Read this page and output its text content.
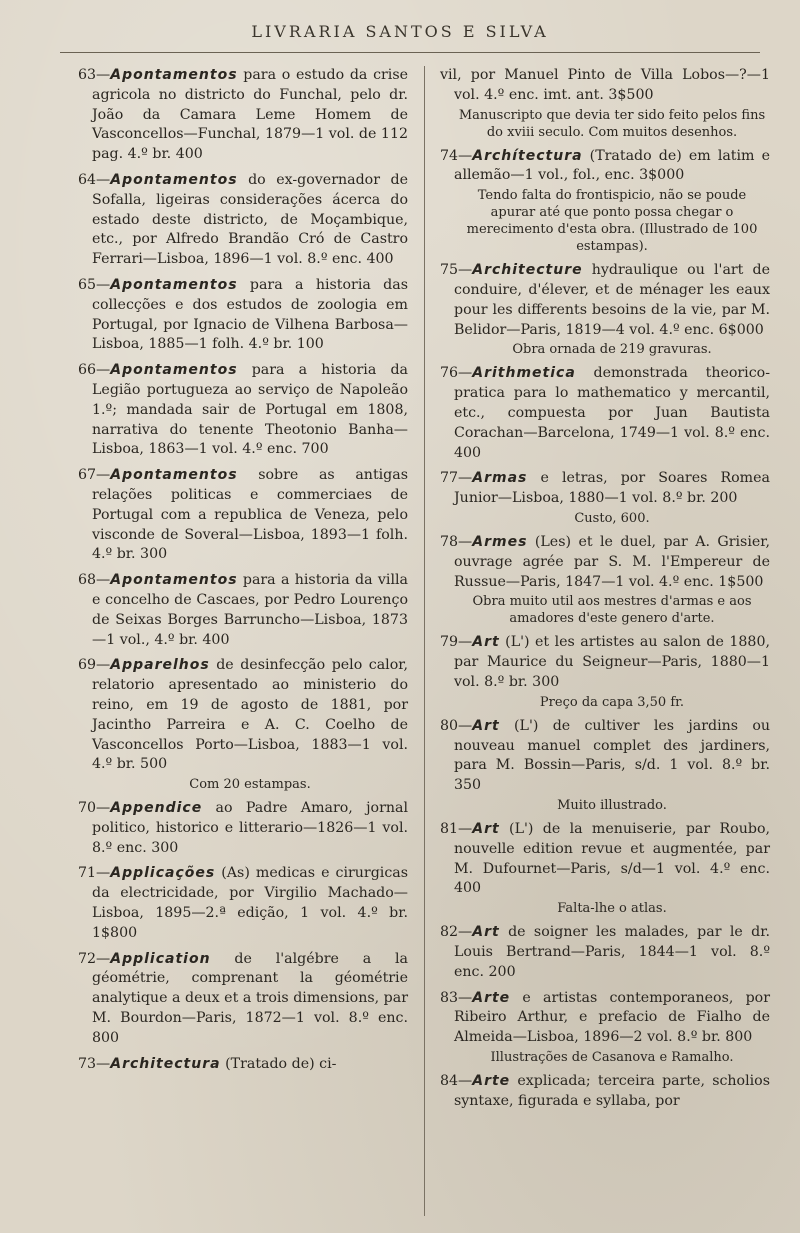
LIVRARIA SANTOS E SILVA

63—Apontamentos para o estudo da crise agricola no districto do Funchal, pelo dr. João da Camara Leme Homem de Vasconcellos—Funchal, 1879—1 vol. de 112 pag. 4.º br. 400

64—Apontamentos do ex-governador de Sofalla, ligeiras considerações ácerca do estado deste districto, de Moçambique, etc., por Alfredo Brandão Cró de Castro Ferrari—Lisboa, 1896—1 vol. 8.º enc. 400

65—Apontamentos para a historia das collecções e dos estudos de zoologia em Portugal, por Ignacio de Vilhena Barbosa—Lisboa, 1885—1 folh. 4.º br. 100

66—Apontamentos para a historia da Legião portugueza ao serviço de Napoleão 1.º; mandada sair de Portugal em 1808, narrativa do tenente Theotonio Banha—Lisboa, 1863—1 vol. 4.º enc. 700

67—Apontamentos sobre as antigas relações politicas e commerciaes de Portugal com a republica de Veneza, pelo visconde de Soveral—Lisboa, 1893—1 folh. 4.º br. 300

68—Apontamentos para a historia da villa e concelho de Cascaes, por Pedro Lourenço de Seixas Borges Barruncho—Lisboa, 1873—1 vol., 4.º br. 400

69—Apparelhos de desinfecção pelo calor, relatorio apresentado ao ministerio do reino, em 19 de agosto de 1881, por Jacintho Parreira e A. C. Coelho de Vasconcellos Porto—Lisboa, 1883—1 vol. 4.º br. 500
Com 20 estampas.

70—Appendice ao Padre Amaro, jornal politico, historico e litterario—1826—1 vol. 8.º enc. 300

71—Applicações (As) medicas e cirurgicas da electricidade, por Virgilio Machado—Lisboa, 1895—2.ª edição, 1 vol. 4.º br. 1$800

72—Application de l'algébre a la géométrie, comprenant la géométrie analytique a deux et a trois dimensions, par M. Bourdon—Paris, 1872—1 vol. 8.º enc. 800

73—Architectura (Tratado de) ci-

vil, por Manuel Pinto de Villa Lobos—?—1 vol. 4.º enc. imt. ant. 3$500
Manuscripto que devia ter sido feito pelos fins do xviii seculo. Com muitos desenhos.

74—Archítectura (Tratado de) em latim e allemão—1 vol., fol., enc. 3$000
Tendo falta do frontispicio, não se poude apurar até que ponto possa chegar o merecimento d'esta obra. (Illustrado de 100 estampas).

75—Architecture hydraulique ou l'art de conduire, d'élever, et de ménager les eaux pour les differents besoins de la vie, par M. Belidor—Paris, 1819—4 vol. 4.º enc. 6$000
Obra ornada de 219 gravuras.

76—Arithmetica demonstrada theorico-pratica para lo mathematico y mercantil, etc., compuesta por Juan Bautista Corachan—Barcelona, 1749—1 vol. 8.º enc. 400

77—Armas e letras, por Soares Romea Junior—Lisboa, 1880—1 vol. 8.º br. 200
Custo, 600.

78—Armes (Les) et le duel, par A. Grisier, ouvrage agrée par S. M. l'Empereur de Russue—Paris, 1847—1 vol. 4.º enc. 1$500
Obra muito util aos mestres d'armas e aos amadores d'este genero d'arte.

79—Art (L') et les artistes au salon de 1880, par Maurice du Seigneur—Paris, 1880—1 vol. 8.º br. 300
Preço da capa 3,50 fr.

80—Art (L') de cultiver les jardins ou nouveau manuel complet des jardiners, para M. Bossin—Paris, s/d. 1 vol. 8.º br. 350
Muito illustrado.

81—Art (L') de la menuiserie, par Roubo, nouvelle edition revue et augmentée, par M. Dufournet—Paris, s/d—1 vol. 4.º enc. 400
Falta-lhe o atlas.

82—Art de soigner les malades, par le dr. Louis Bertrand—Paris, 1844—1 vol. 8.º enc. 200

83—Arte e artistas contemporaneos, por Ribeiro Arthur, e prefacio de Fialho de Almeida—Lisboa, 1896—2 vol. 8.º br. 800
Illustrações de Casanova e Ramalho.

84—Arte explicada; terceira parte, scholios syntaxe, figurada e syllaba, por
